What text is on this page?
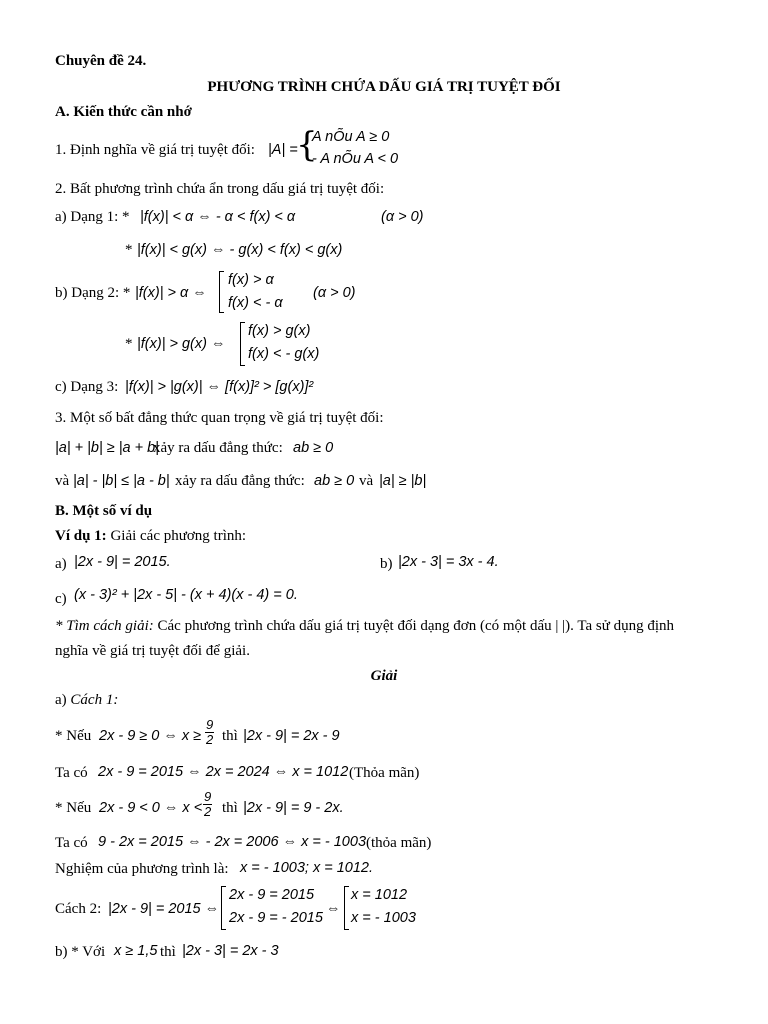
Chuyên đề 24.
PHƯƠNG TRÌNH CHỨA DẤU GIÁ TRỊ TUYỆT ĐỐI
A. Kiến thức cần nhớ
1. Định nghĩa về giá trị tuyệt đối: |A| =
{
A nÕu A ≥ 0
- A nÕu A < 0
2. Bất phương trình chứa ẩn trong dấu giá trị tuyệt đối:
a) Dạng 1: * |f(x)| < α ⇔ - α < f(x) < α	(α > 0)
* |f(x)| < g(x) ⇔ - g(x) < f(x) < g(x)
b) Dạng 2: * |f(x)| > α ⇔
f(x) > α
f(x) < - α
(α > 0)
* |f(x)| > g(x) ⇔
f(x) > g(x)
f(x) < - g(x)
c) Dạng 3: |f(x)| > |g(x)| ⇔ [f(x)]² > [g(x)]²
3. Một số bất đẳng thức quan trọng về giá trị tuyệt đối:
|a| + |b| ≥ |a + b|
xảy ra dấu đẳng thức: ab ≥ 0
và |a| - |b| ≤ |a - b| xảy ra dấu đẳng thức: ab ≥ 0 và |a| ≥ |b|
B. Một số ví dụ
Ví dụ 1: Giải các phương trình:
a) |2x - 9| = 2015.	b) |2x - 3| = 3x - 4.
c) (x - 3)² + |2x - 5| - (x + 4)(x - 4) = 0.
* Tìm cách giải: Các phương trình chứa dấu giá trị tuyệt đối dạng đơn (có một dấu | |). Ta sử dụng định
nghĩa về giá trị tuyệt đối để giải.
Giải
a) Cách 1:
* Nếu 2x - 9 ≥ 0 ⇔ $x \ge \frac{9}{2}$ thì |2x - 9| = 2x - 9
Ta có 2x - 9 = 2015 ⇔ 2x = 2024 ⇔ x = 1012 (Thỏa mãn)
* Nếu 2x - 9 < 0 ⇔ $x < \frac{9}{2}$ thì |2x - 9| = 9 - 2x.
Ta có 9 - 2x = 2015 ⇔ - 2x = 2006 ⇔ x = - 1003 (thỏa mãn)
Nghiệm của phương trình là: x = - 1003; x = 1012.
Cách 2: |2x - 9| = 2015 ⇔
2x - 9 = 2015
2x - 9 = - 2015
⇔
x = 1012
x = - 1003
b) * Với x ≥ 1,5 thì |2x - 3| = 2x - 3
